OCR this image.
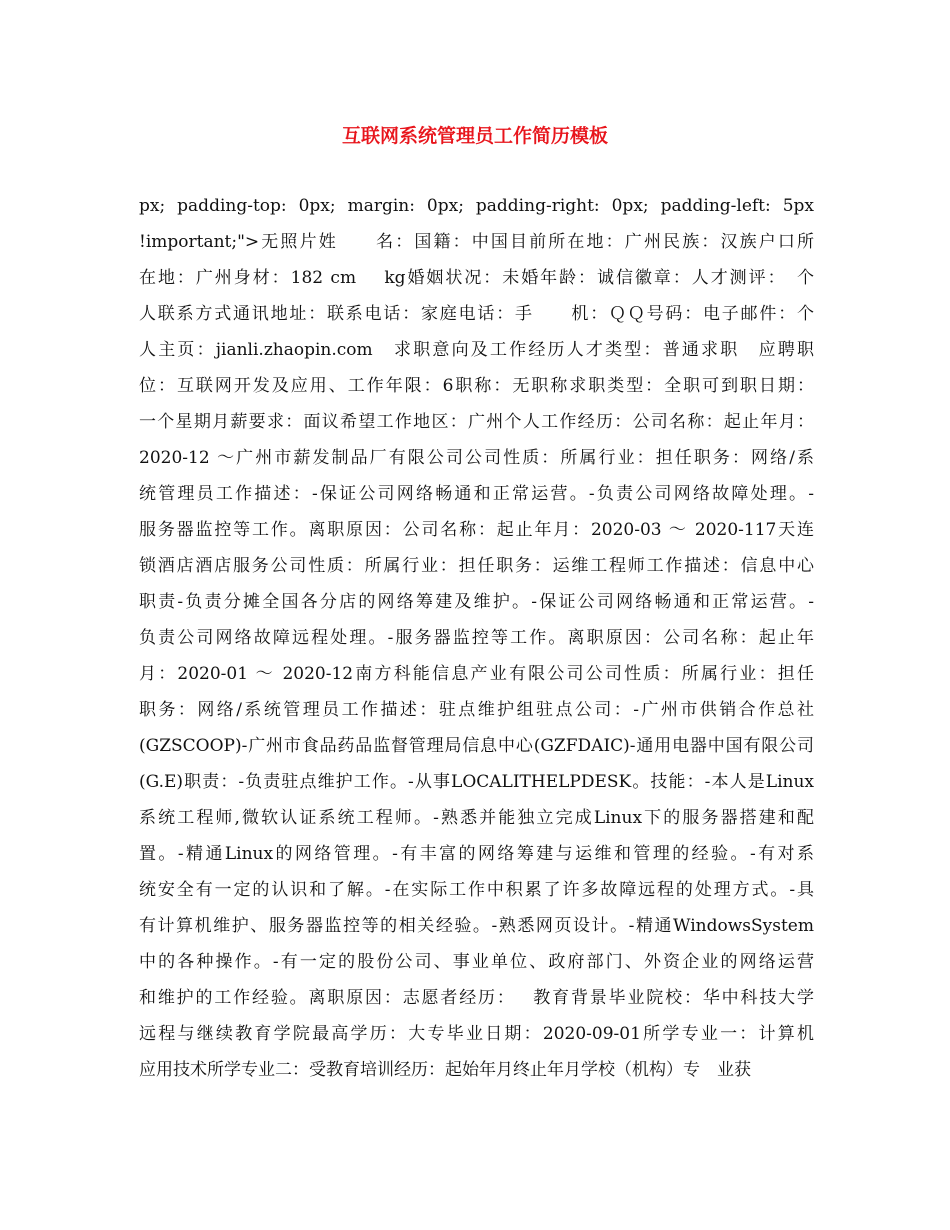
互联网系统管理员工作简历模板
px; padding-top: 0px; margin: 0px; padding-right: 0px; padding-left: 5px
!important;">无照片姓　　名：国籍：中国目前所在地：广州民族：汉族户口所
在地：广州身材：182 cm　 kg婚姻状况：未婚年龄：诚信徽章：人才测评：　个
人联系方式通讯地址：联系电话：家庭电话：手　　机：ＱＱ号码：电子邮件：个
人主页：jianli.zhaopin.com　求职意向及工作经历人才类型：普通求职　应聘职
位：互联网开发及应用、工作年限：6职称：无职称求职类型：全职可到职日期：
一个星期月薪要求：面议希望工作地区：广州个人工作经历：公司名称：起止年月：
2020-12 ～广州市薪发制品厂有限公司公司性质：所属行业：担任职务：网络/系
统管理员工作描述：-保证公司网络畅通和正常运营。-负责公司网络故障处理。-
服务器监控等工作。离职原因：公司名称：起止年月：2020-03 ～ 2020-117天连
锁酒店酒店服务公司性质：所属行业：担任职务：运维工程师工作描述：信息中心
职责-负责分摊全国各分店的网络筹建及维护。-保证公司网络畅通和正常运营。-
负责公司网络故障远程处理。-服务器监控等工作。离职原因：公司名称：起止年
月：2020-01 ～ 2020-12南方科能信息产业有限公司公司性质：所属行业：担任
职务：网络/系统管理员工作描述：驻点维护组驻点公司：-广州市供销合作总社
(GZSCOOP)-广州市食品药品监督管理局信息中心(GZFDAIC)-通用电器中国有限公司
(G.E)职责：-负责驻点维护工作。-从事LOCALITHELPDESK。技能：-本人是Linux
系统工程师,微软认证系统工程师。-熟悉并能独立完成Linux下的服务器搭建和配
置。-精通Linux的网络管理。-有丰富的网络筹建与运维和管理的经验。-有对系
统安全有一定的认识和了解。-在实际工作中积累了许多故障远程的处理方式。-具
有计算机维护、服务器监控等的相关经验。-熟悉网页设计。-精通WindowsSystem
中的各种操作。-有一定的股份公司、事业单位、政府部门、外资企业的网络运营
和维护的工作经验。离职原因：志愿者经历：　 教育背景毕业院校：华中科技大学
远程与继续教育学院最高学历：大专毕业日期：2020-09-01所学专业一：计算机
应用技术所学专业二：受教育培训经历：起始年月终止年月学校（机构）专　业获
